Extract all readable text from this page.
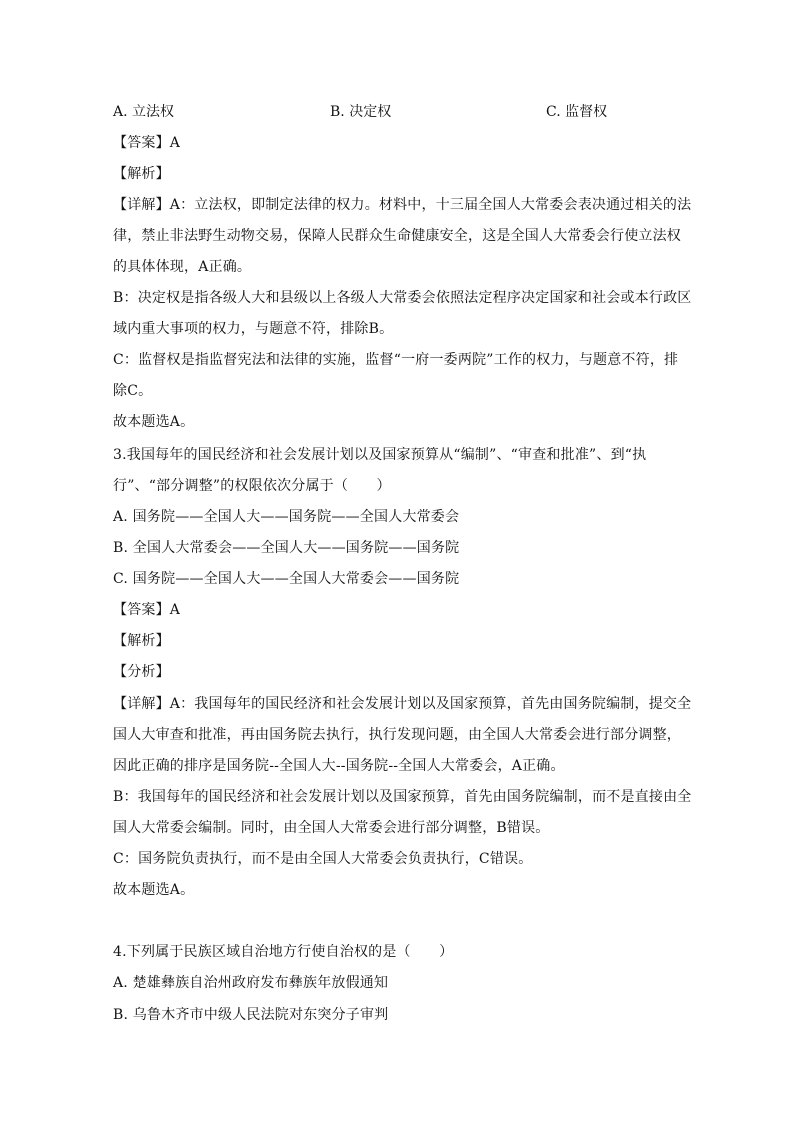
A. 立法权	B. 决定权	C. 监督权
【答案】A
【解析】
【详解】A：立法权，即制定法律的权力。材料中，十三届全国人大常委会表决通过相关的法
律，禁止非法野生动物交易，保障人民群众生命健康安全，这是全国人大常委会行使立法权
的具体体现，A正确。
B：决定权是指各级人大和县级以上各级人大常委会依照法定程序决定国家和社会或本行政区
域内重大事项的权力，与题意不符，排除B。
C：监督权是指监督宪法和法律的实施，监督“一府一委两院”工作的权力，与题意不符，排
除C。
故本题选A。
3.我国每年的国民经济和社会发展计划以及国家预算从“编制”、“审查和批准”、到“执
行”、“部分调整”的权限依次分属于（　　）
A. 国务院——全国人大——国务院——全国人大常委会
B. 全国人大常委会——全国人大——国务院——国务院
C. 国务院——全国人大——全国人大常委会——国务院
【答案】A
【解析】
【分析】
【详解】A：我国每年的国民经济和社会发展计划以及国家预算，首先由国务院编制，提交全
国人大审查和批准，再由国务院去执行，执行发现问题，由全国人大常委会进行部分调整，
因此正确的排序是国务院--全国人大--国务院--全国人大常委会，A正确。
B：我国每年的国民经济和社会发展计划以及国家预算，首先由国务院编制，而不是直接由全
国人大常委会编制。同时，由全国人大常委会进行部分调整，B错误。
C：国务院负责执行，而不是由全国人大常委会负责执行，C错误。
故本题选A。
4.下列属于民族区域自治地方行使自治权的是（　　）
A. 楚雄彝族自治州政府发布彝族年放假通知
B. 乌鲁木齐市中级人民法院对东突分子审判
